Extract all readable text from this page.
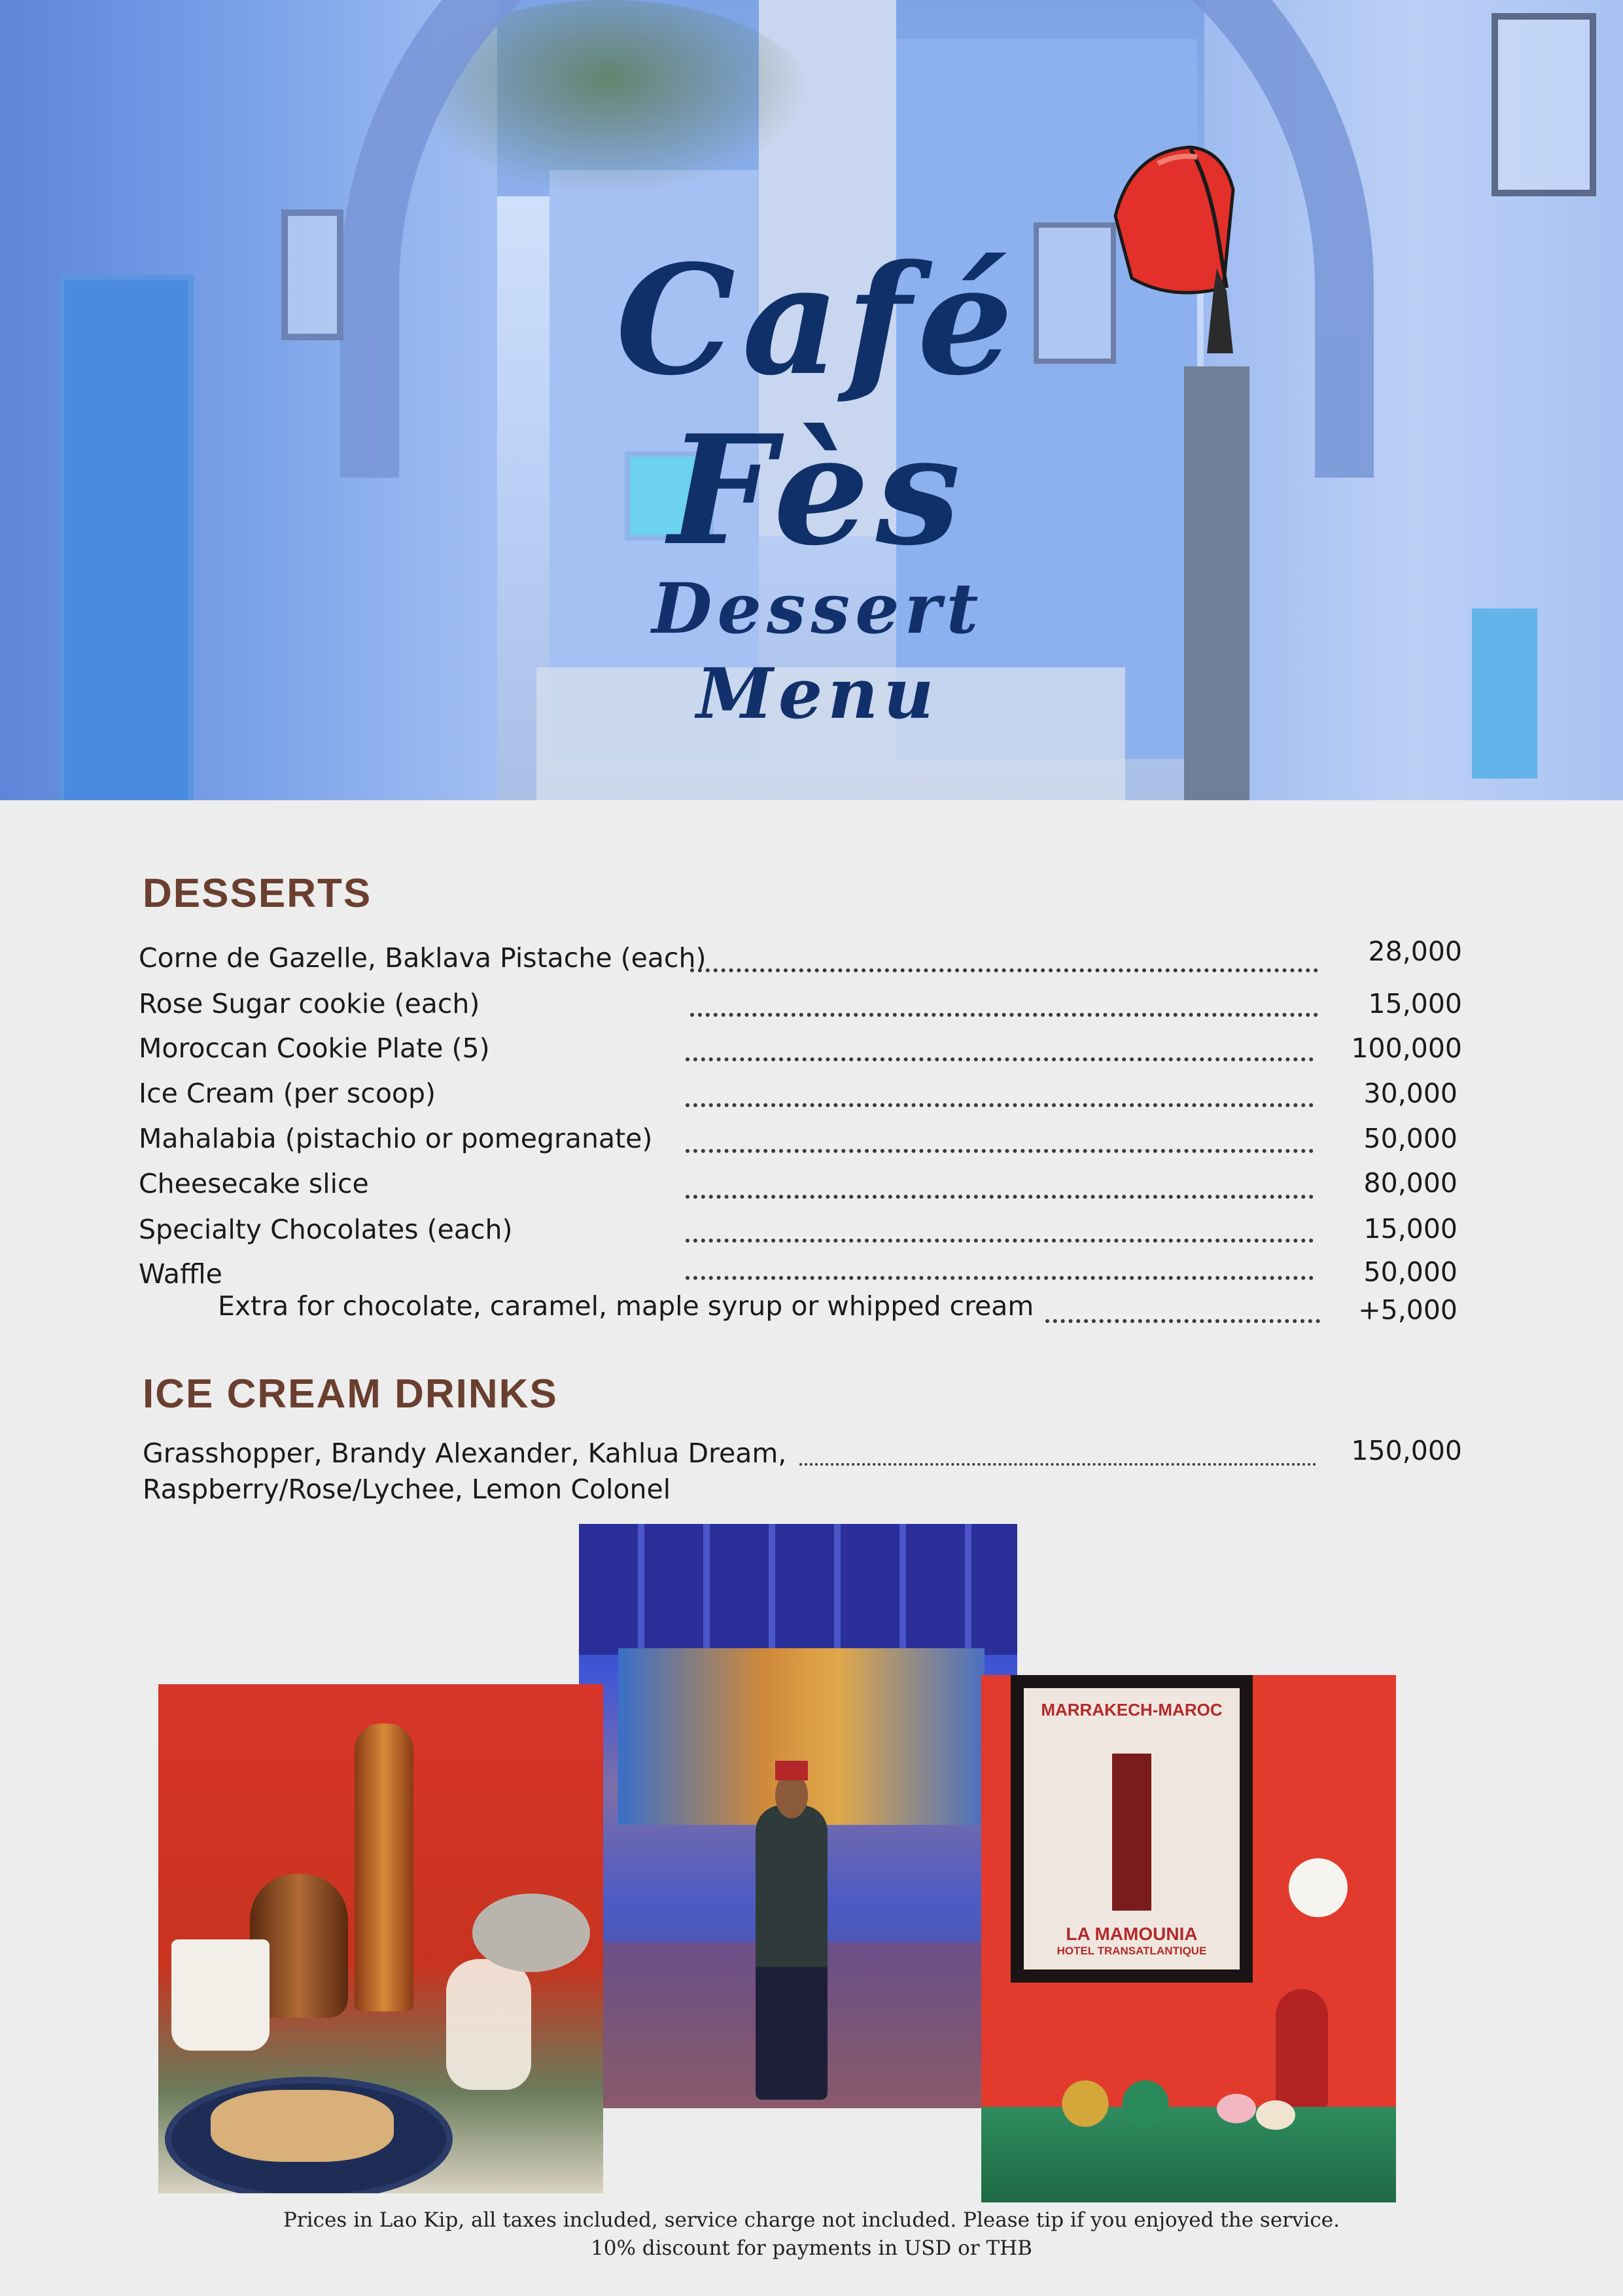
Café Fès
Dessert Menu
DESSERTS
Corne de Gazelle, Baklava Pistache (each)	28,000
Rose Sugar cookie (each)	15,000
Moroccan Cookie Plate (5)	100,000
Ice Cream (per scoop)	30,000
Mahalabia (pistachio or pomegranate)	50,000
Cheesecake slice	80,000
Specialty Chocolates (each)	15,000
Waffle	50,000
Extra for chocolate, caramel, maple syrup or whipped cream	+5,000
ICE CREAM DRINKS
Grasshopper, Brandy Alexander, Kahlua Dream,
Raspberry/Rose/Lychee, Lemon Colonel
150,000
MARRAKECH-MAROC
LA MAMOUNIA
HOTEL TRANSATLANTIQUE
Prices in Lao Kip, all taxes included, service charge not included. Please tip if you enjoyed the service.
10% discount for payments in USD or THB
